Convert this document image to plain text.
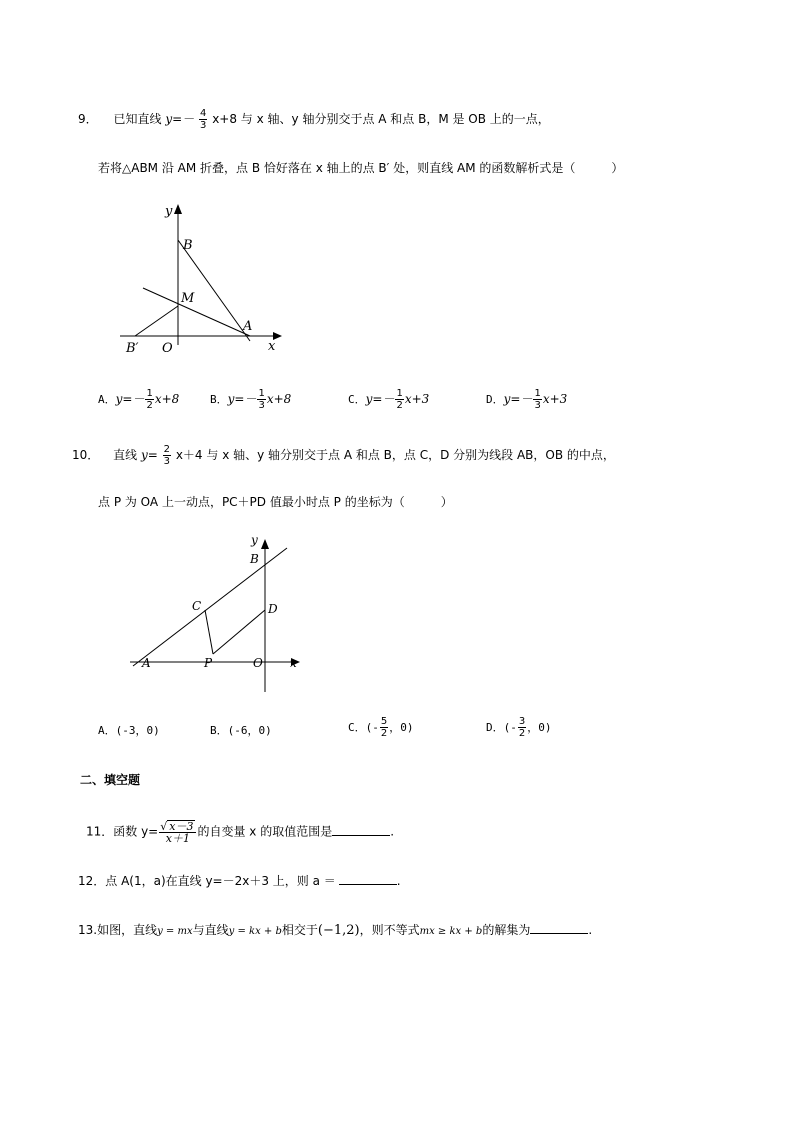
9． 已知直线 $y=- \frac{4}{3} x+8$ 与 x 轴、y 轴分别交于点 A 和点 B，M 是 OB 上的一点，
若将△ABM 沿 AM 折叠，点 B 恰好落在 x 轴上的点 B′ 处，则直线 AM 的函数解析式是（　　　）
y
B
M
A
B′ O	x
A．$y=- \frac{1}{2} x+8$	B．$y=- \frac{1}{3} x+8$	C．$y=- \frac{1}{2} x+3$	D．$y=- \frac{1}{3} x+3$
10． 直线 $y= \frac{2}{3} x+4$ 与 x 轴、y 轴分别交于点 A 和点 B，点 C，D 分别为线段 AB，OB 的中点，
点 P 为 OA 上一动点，PC＋PD 值最小时点 P 的坐标为（　　　）
y
B
C	D
A	P	O x
A．(-3，0)	B．(-6，0)	C．(- $\frac{5}{2}$ ，0)	D．(- $\frac{3}{2}$ ，0)
二、填空题
11．函数 $y= \frac{√ x-3}{x+1}$ 的自变量 x 的取值范围是	.
12．点 A(1，a)在直线 y=－2x＋3 上，则 a ＝	.
13.如图，直线y = mx与直线y = kx + b相交于(−1,2)，则不等式mx ≥ kx + b的解集为	.
